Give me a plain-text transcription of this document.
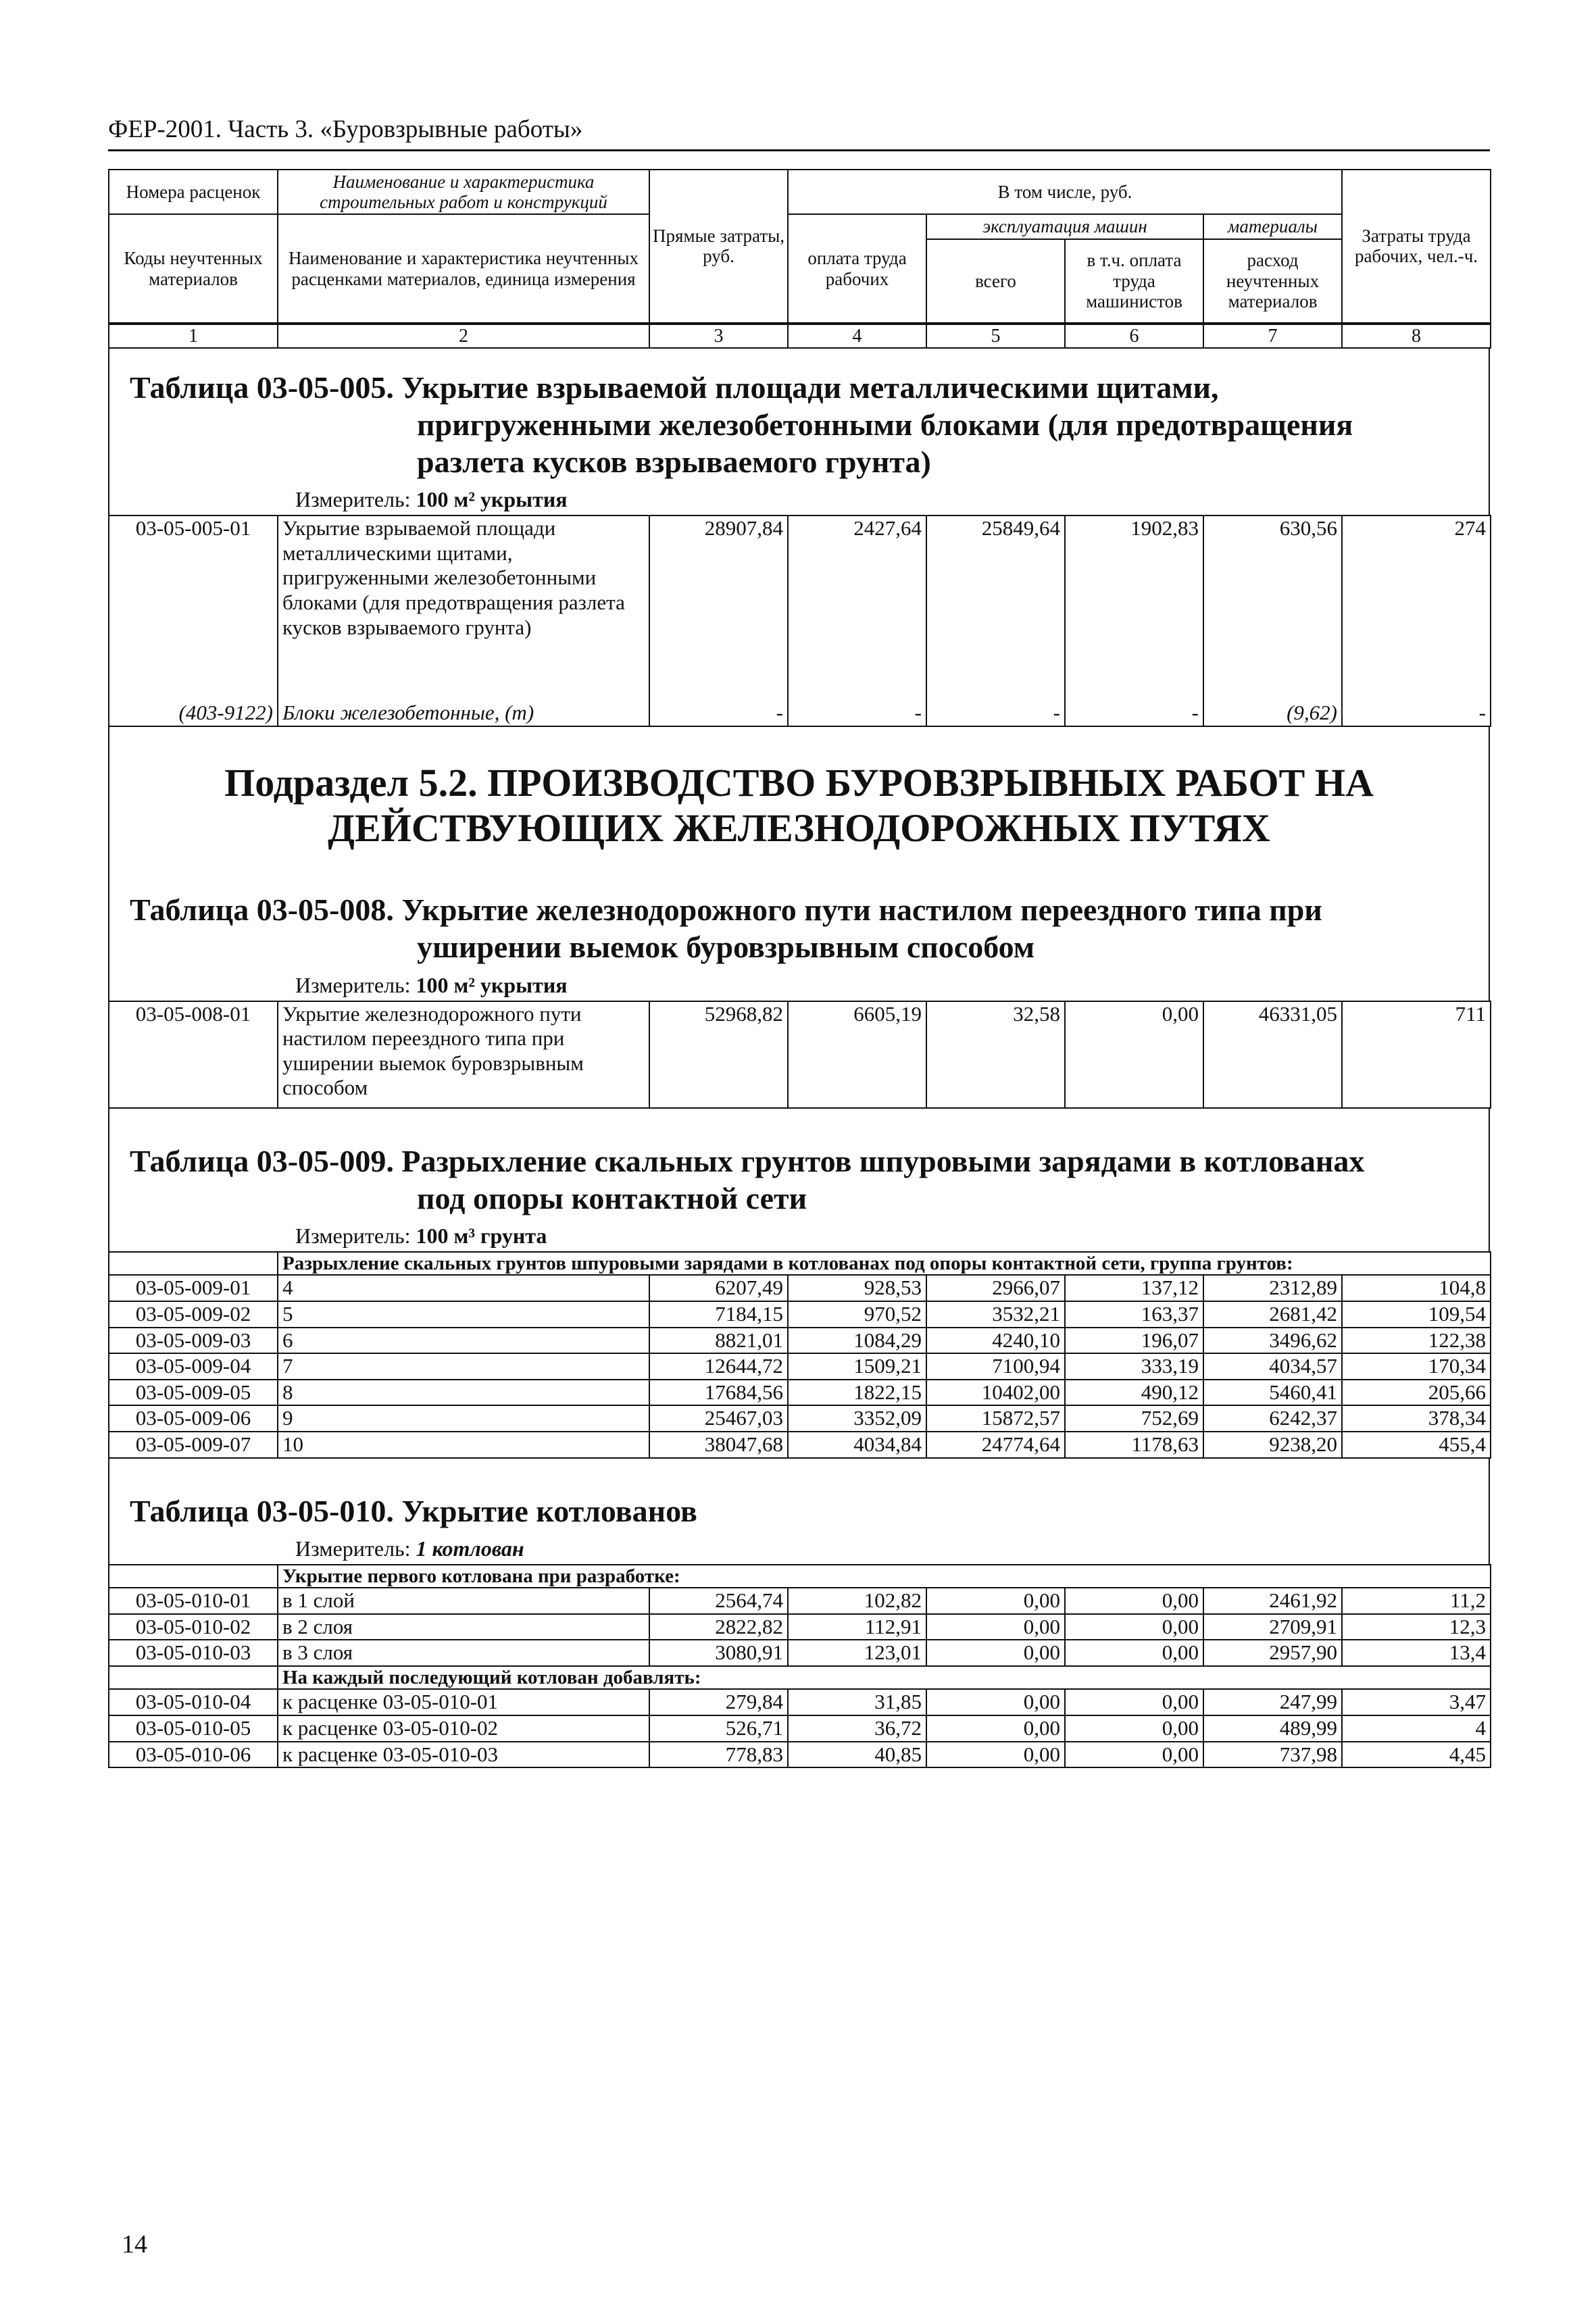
ФЕР-2001. Часть 3. «Буровзрывные работы»
Номера расценок	Наименование и характеристика строительных работ и конструкций	Прямые затраты, руб.	В том числе, руб.				Затраты труда рабочих, чел.-ч.
Коды неучтенных материалов	Наименование и характеристика неучтенных расценками материалов, единица измерения		оплата труда рабочих	эксплуатация машин		материалы	
				всего	в т.ч. оплата труда машинистов	расход неучтенных материалов	
1	2	3	4	5	6	7	8
Таблица 03-05-005. Укрытие взрываемой площади металлическими щитами,
пригруженными железобетонными блоками (для предотвращения
разлета кусков взрываемого грунта)
Измеритель: 100 м² укрытия
03-05-005-01	Укрытие взрываемой площади металлическими щитами, пригруженными железобетонными блоками (для предотвращения разлета кусков взрываемого грунта)	28907,84	2427,64	25849,64	1902,83	630,56	274
(403-9122)	Блоки железобетонные, (т)	-	-	-	-	(9,62)	-
Подраздел 5.2. ПРОИЗВОДСТВО БУРОВЗРЫВНЫХ РАБОТ НА
ДЕЙСТВУЮЩИХ ЖЕЛЕЗНОДОРОЖНЫХ ПУТЯХ
Таблица 03-05-008. Укрытие железнодорожного пути настилом переездного типа при
уширении выемок буровзрывным способом
Измеритель: 100 м² укрытия
03-05-008-01	Укрытие железнодорожного пути настилом переездного типа при уширении выемок буровзрывным способом	52968,82	6605,19	32,58	0,00	46331,05	711
Таблица 03-05-009. Разрыхление скальных грунтов шпуровыми зарядами в котлованах
под опоры контактной сети
Измеритель: 100 м³ грунта
	Разрыхление скальных грунтов шпуровыми зарядами в котлованах под опоры контактной сети, группа грунтов:						
03-05-009-01	4	6207,49	928,53	2966,07	137,12	2312,89	104,8
03-05-009-02	5	7184,15	970,52	3532,21	163,37	2681,42	109,54
03-05-009-03	6	8821,01	1084,29	4240,10	196,07	3496,62	122,38
03-05-009-04	7	12644,72	1509,21	7100,94	333,19	4034,57	170,34
03-05-009-05	8	17684,56	1822,15	10402,00	490,12	5460,41	205,66
03-05-009-06	9	25467,03	3352,09	15872,57	752,69	6242,37	378,34
03-05-009-07	10	38047,68	4034,84	24774,64	1178,63	9238,20	455,4
Таблица 03-05-010. Укрытие котлованов
Измеритель: 1 котлован
	Укрытие первого котлована при разработке:						
03-05-010-01	в 1 слой	2564,74	102,82	0,00	0,00	2461,92	11,2
03-05-010-02	в 2 слоя	2822,82	112,91	0,00	0,00	2709,91	12,3
03-05-010-03	в 3 слоя	3080,91	123,01	0,00	0,00	2957,90	13,4
	На каждый последующий котлован добавлять:						
03-05-010-04	к расценке 03-05-010-01	279,84	31,85	0,00	0,00	247,99	3,47
03-05-010-05	к расценке 03-05-010-02	526,71	36,72	0,00	0,00	489,99	4
03-05-010-06	к расценке 03-05-010-03	778,83	40,85	0,00	0,00	737,98	4,45
14
